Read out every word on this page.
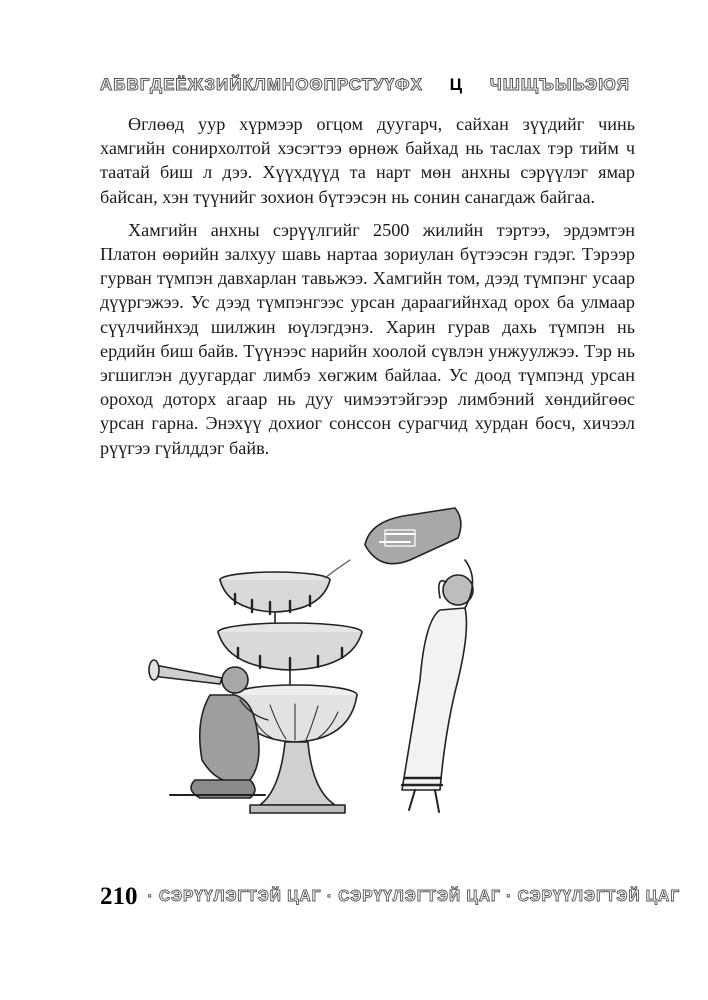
АБВГДЕЁЖЗИЙКЛМНОӨПРСТУҮФХ Ц ЧШЩЪЫЬЭЮЯ

Өглөөд уур хүрмээр огцом дуугарч, сайхан зүүдийг чинь хамгийн сонирхолтой хэсэгтээ өрнөж байхад нь таслах тэр тийм ч таатай биш л дээ. Хүүхдүүд та нарт мөн анхны сэрүүлэг ямар байсан, хэн түүнийг зохион бүтээсэн нь сонин санагдаж байгаа.

Хамгийн анхны сэрүүлгийг 2500 жилийн тэртээ, эрдэмтэн Платон өөрийн залхуу шавь нартаа зориулан бүтээсэн гэдэг. Тэрээр гурван түмпэн давхарлан тавьжээ. Хамгийн том, дээд түмпэнг усаар дүүргэжээ. Ус дээд түмпэнгээс урсан дараагийнхад орох ба улмаар сүүлчийнхэд шилжин юүлэгдэнэ. Харин гурав дахь түмпэн нь ердийн биш байв. Түүнээс нарийн хоолой сүвлэн унжуулжээ. Тэр нь эгшиглэн дуугардаг лимбэ хөгжим байлаа. Ус доод түмпэнд урсан ороход доторх агаар нь дуу чимээтэйгээр лимбэний хөндийгөөс урсан гарна. Энэхүү дохиог сонссон сурагчид хурдан босч, хичээл рүүгээ гүйлддэг байв.

210 · СЭРҮҮЛЭГТЭЙ ЦАГ · СЭРҮҮЛЭГТЭЙ ЦАГ · СЭРҮҮЛЭГТЭЙ ЦАГ
